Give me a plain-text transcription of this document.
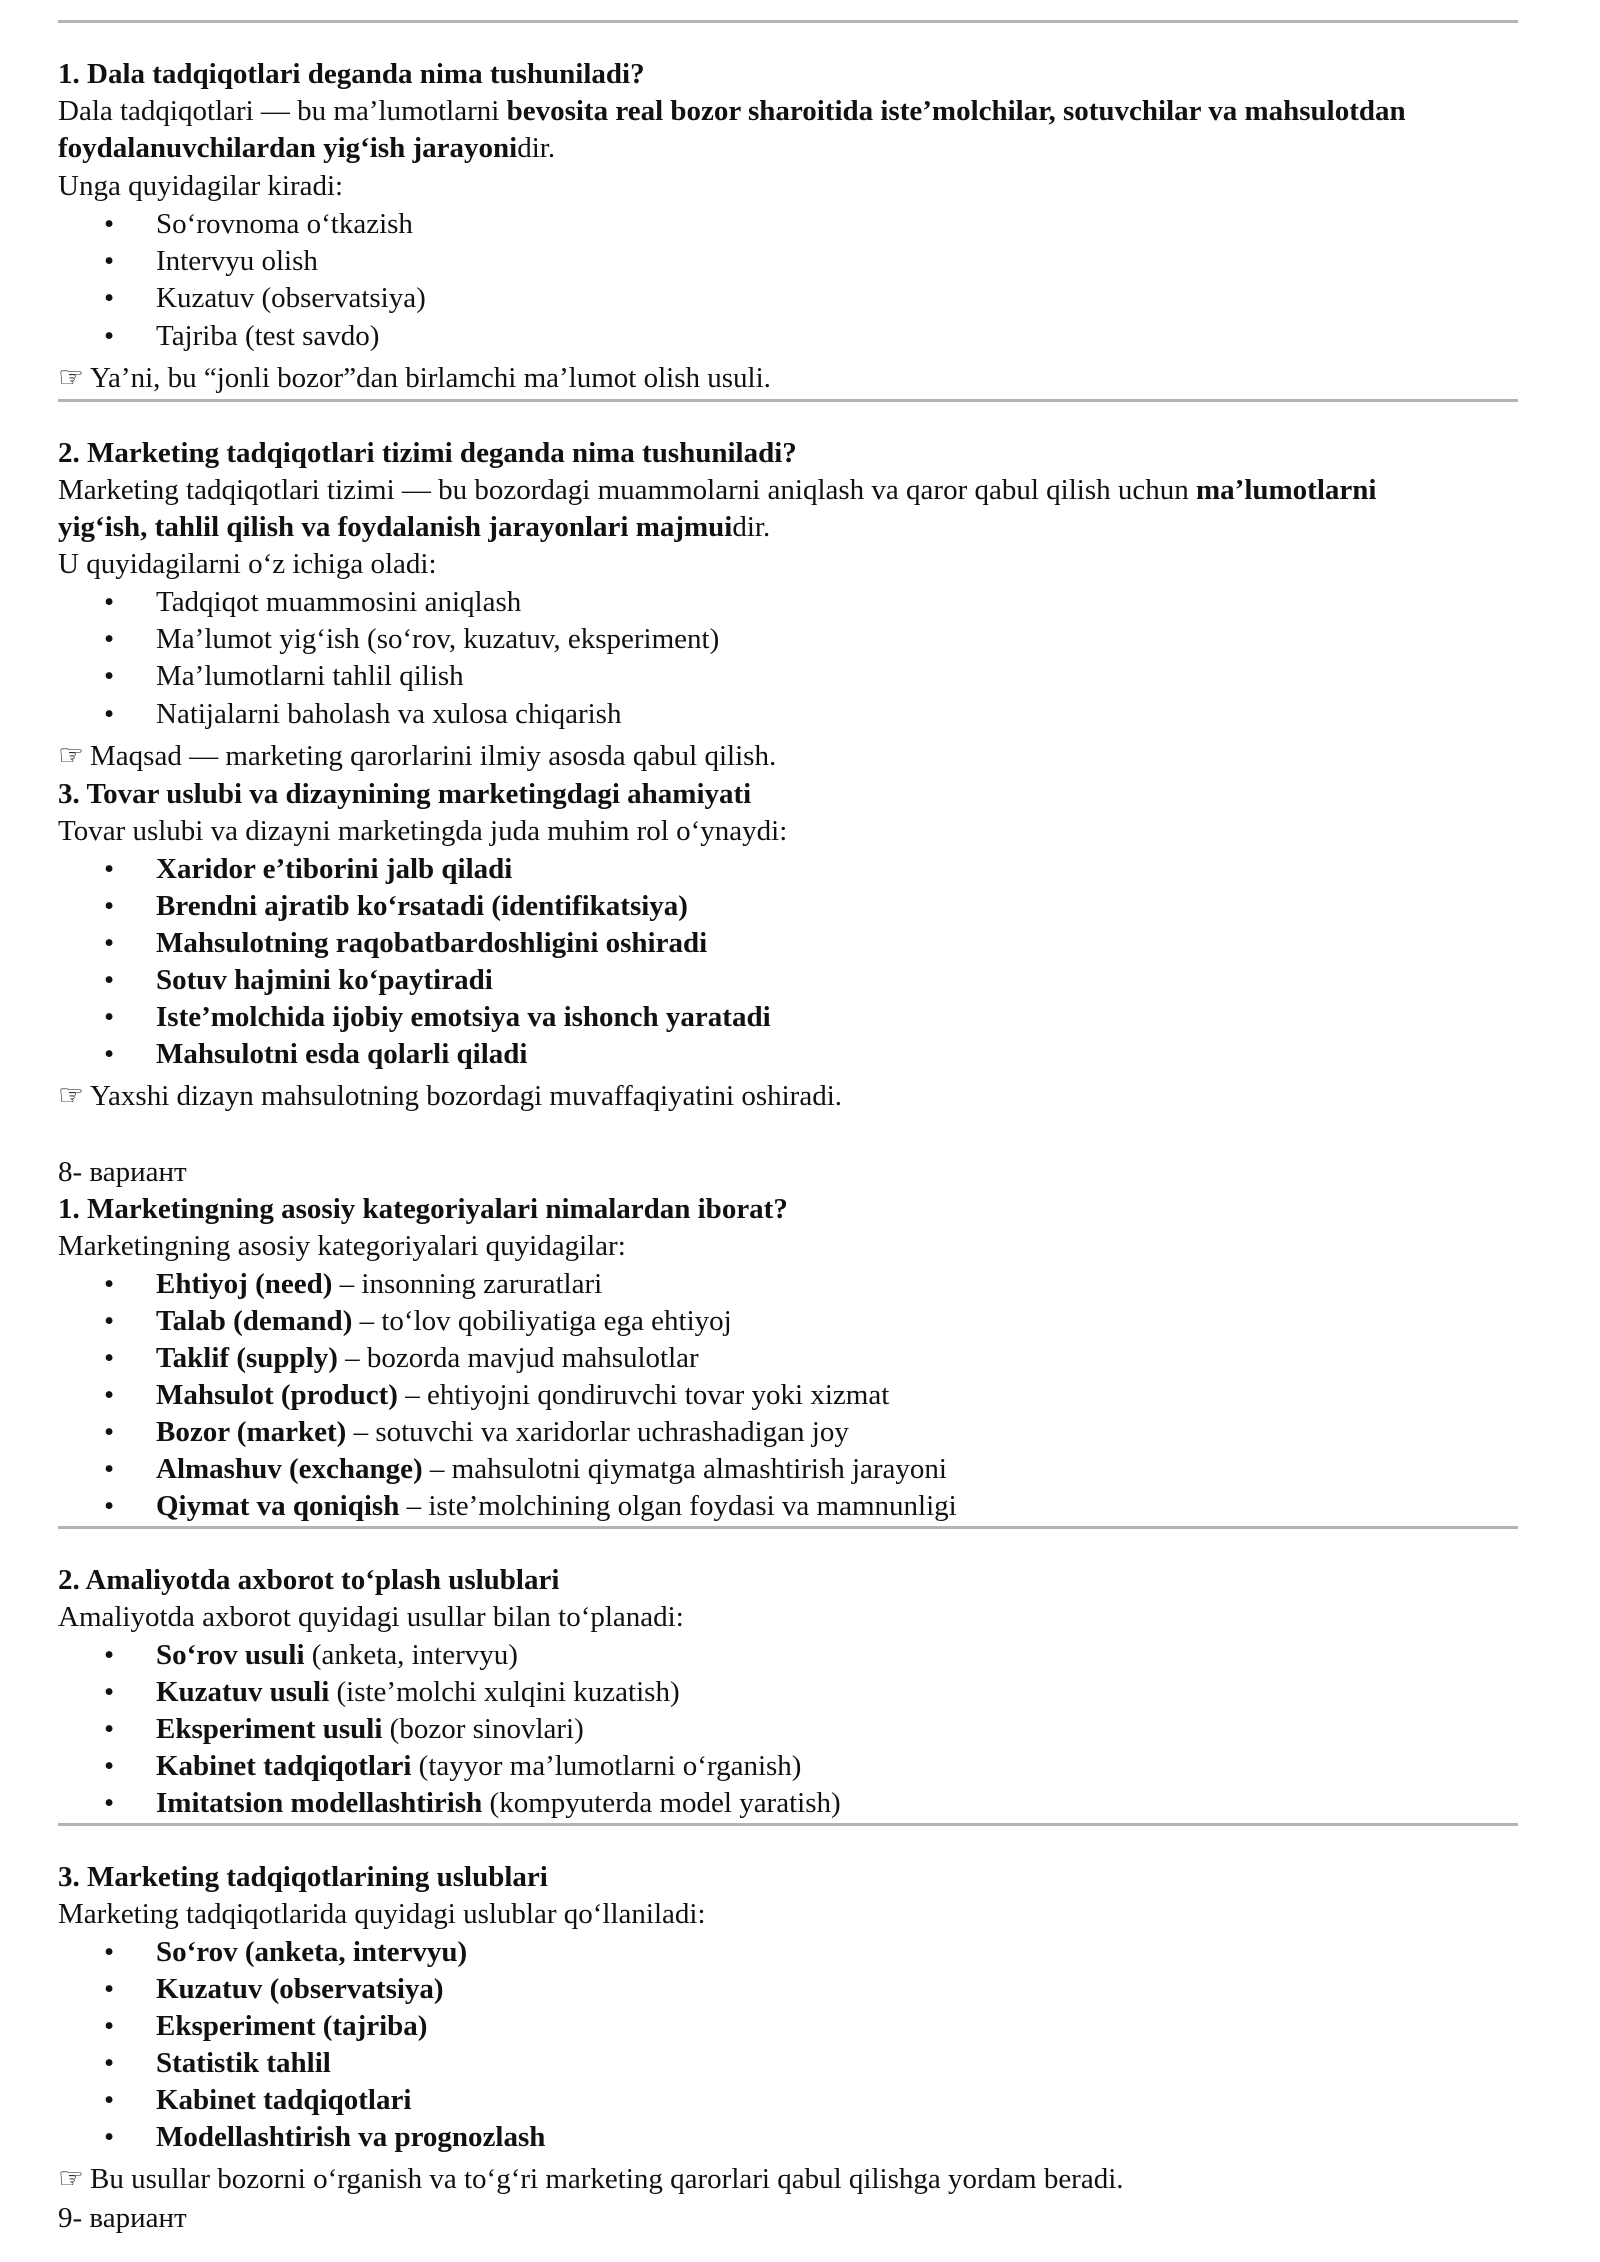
1. Dala tadqiqotlari deganda nima tushuniladi?
Dala tadqiqotlari — bu ma’lumotlarni bevosita real bozor sharoitida iste’molchilar, sotuvchilar va mahsulotdan
foydalanuvchilardan yig‘ish jarayonidir.
Unga quyidagilar kiradi:
• So‘rovnoma o‘tkazish
• Intervyu olish
• Kuzatuv (observatsiya)
• Tajriba (test savdo)
☞ Ya’ni, bu “jonli bozor”dan birlamchi ma’lumot olish usuli.
2. Marketing tadqiqotlari tizimi deganda nima tushuniladi?
Marketing tadqiqotlari tizimi — bu bozordagi muammolarni aniqlash va qaror qabul qilish uchun ma’lumotlarni
yig‘ish, tahlil qilish va foydalanish jarayonlari majmuidir.
U quyidagilarni o‘z ichiga oladi:
• Tadqiqot muammosini aniqlash
• Ma’lumot yig‘ish (so‘rov, kuzatuv, eksperiment)
• Ma’lumotlarni tahlil qilish
• Natijalarni baholash va xulosa chiqarish
☞ Maqsad — marketing qarorlarini ilmiy asosda qabul qilish.
3. Tovar uslubi va dizaynining marketingdagi ahamiyati
Tovar uslubi va dizayni marketingda juda muhim rol o‘ynaydi:
• Xaridor e’tiborini jalb qiladi
• Brendni ajratib ko‘rsatadi (identifikatsiya)
• Mahsulotning raqobatbardoshligini oshiradi
• Sotuv hajmini ko‘paytiradi
• Iste’molchida ijobiy emotsiya va ishonch yaratadi
• Mahsulotni esda qolarli qiladi
☞ Yaxshi dizayn mahsulotning bozordagi muvaffaqiyatini oshiradi.
8- вариант
1. Marketingning asosiy kategoriyalari nimalardan iborat?
Marketingning asosiy kategoriyalari quyidagilar:
• Ehtiyoj (need) – insonning zaruratlari
• Talab (demand) – to‘lov qobiliyatiga ega ehtiyoj
• Taklif (supply) – bozorda mavjud mahsulotlar
• Mahsulot (product) – ehtiyojni qondiruvchi tovar yoki xizmat
• Bozor (market) – sotuvchi va xaridorlar uchrashadigan joy
• Almashuv (exchange) – mahsulotni qiymatga almashtirish jarayoni
• Qiymat va qoniqish – iste’molchining olgan foydasi va mamnunligi
2. Amaliyotda axborot to‘plash uslublari
Amaliyotda axborot quyidagi usullar bilan to‘planadi:
• So‘rov usuli (anketa, intervyu)
• Kuzatuv usuli (iste’molchi xulqini kuzatish)
• Eksperiment usuli (bozor sinovlari)
• Kabinet tadqiqotlari (tayyor ma’lumotlarni o‘rganish)
• Imitatsion modellashtirish (kompyuterda model yaratish)
3. Marketing tadqiqotlarining uslublari
Marketing tadqiqotlarida quyidagi uslublar qo‘llaniladi:
• So‘rov (anketa, intervyu)
• Kuzatuv (observatsiya)
• Eksperiment (tajriba)
• Statistik tahlil
• Kabinet tadqiqotlari
• Modellashtirish va prognozlash
☞ Bu usullar bozorni o‘rganish va to‘g‘ri marketing qarorlari qabul qilishga yordam beradi.
9- вариант
